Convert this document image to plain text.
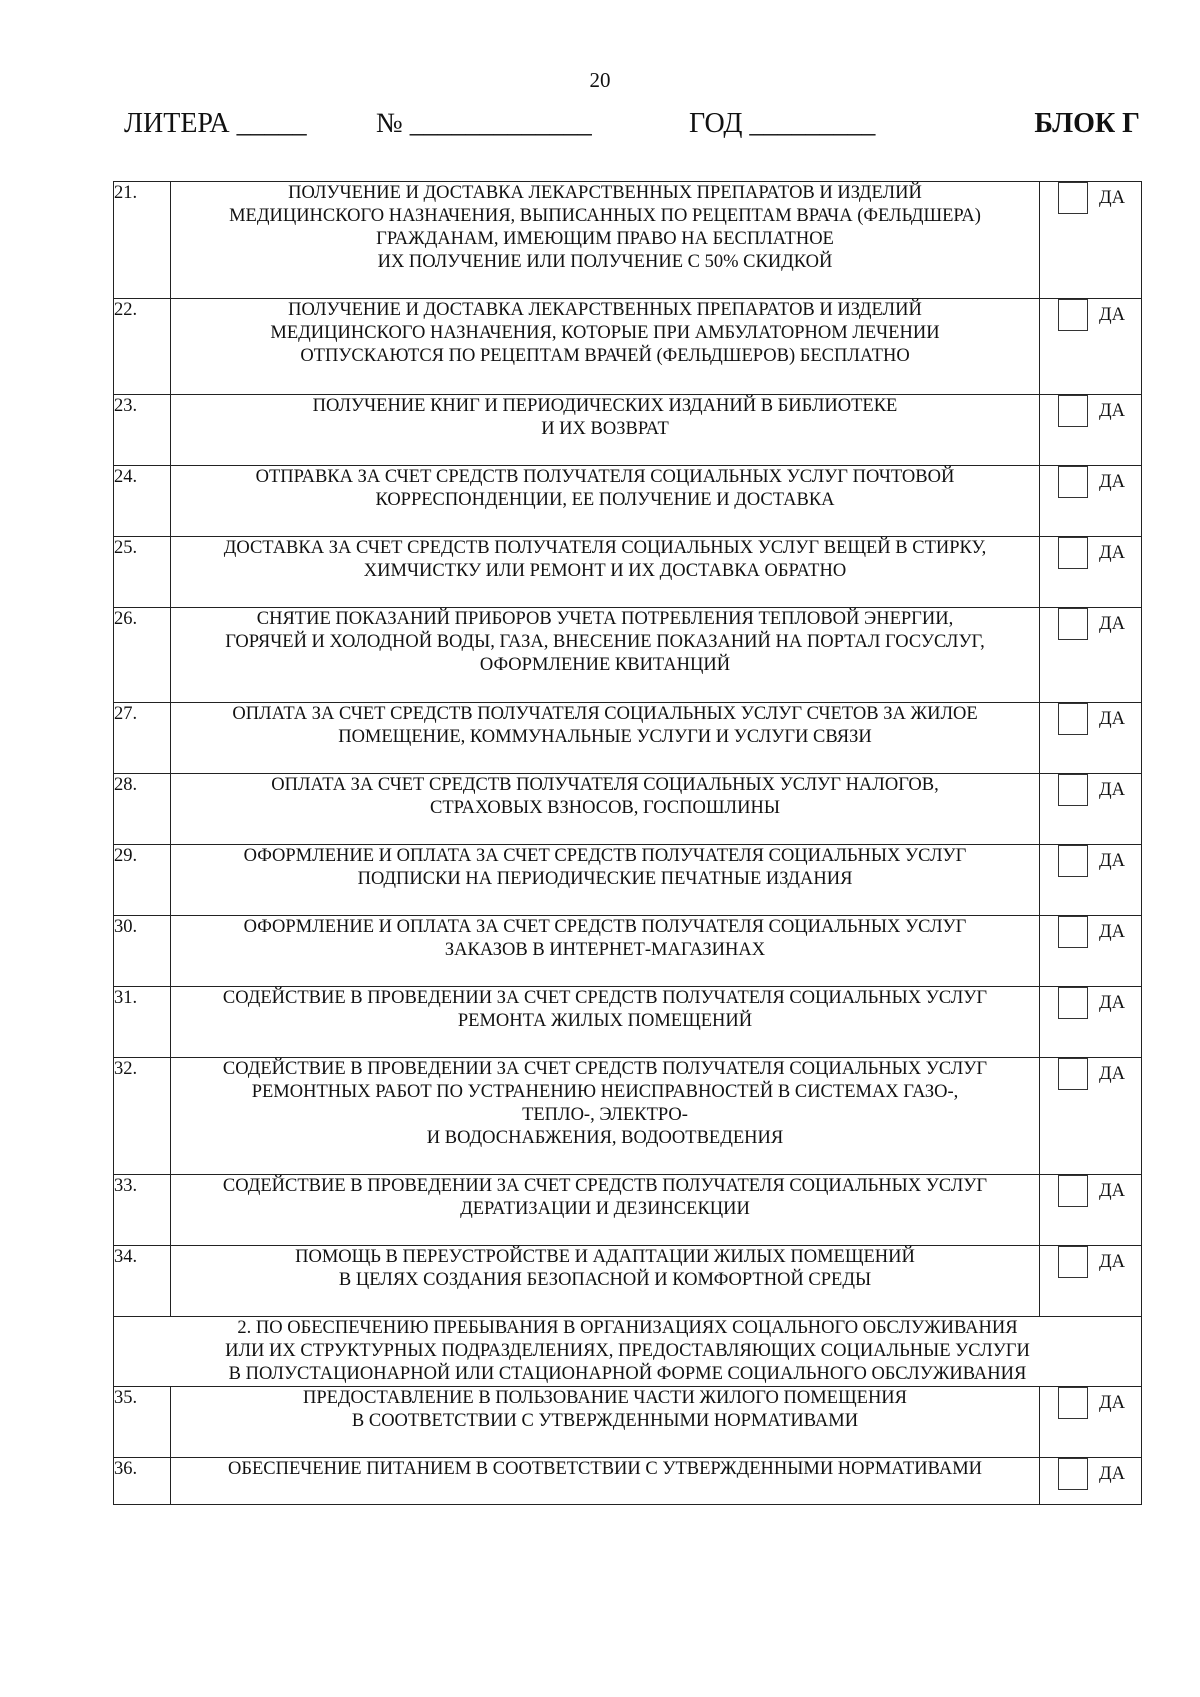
20
ЛИТЕРА _____ № _____________	ГОД _________	БЛОК Г
21.	ПОЛУЧЕНИЕ И ДОСТАВКА ЛЕКАРСТВЕННЫХ ПРЕПАРАТОВ И ИЗДЕЛИЙ
МЕДИЦИНСКОГО НАЗНАЧЕНИЯ, ВЫПИСАННЫХ ПО РЕЦЕПТАМ ВРАЧА (ФЕЛЬДШЕРА)
ГРАЖДАНАМ, ИМЕЮЩИМ ПРАВО НА БЕСПЛАТНОЕ
ИХ ПОЛУЧЕНИЕ ИЛИ ПОЛУЧЕНИЕ С 50% СКИДКОЙ	ДА

22.	ПОЛУЧЕНИЕ И ДОСТАВКА ЛЕКАРСТВЕННЫХ ПРЕПАРАТОВ И ИЗДЕЛИЙ
МЕДИЦИНСКОГО НАЗНАЧЕНИЯ, КОТОРЫЕ ПРИ АМБУЛАТОРНОМ ЛЕЧЕНИИ
ОТПУСКАЮТСЯ ПО РЕЦЕПТАМ ВРАЧЕЙ (ФЕЛЬДШЕРОВ) БЕСПЛАТНО	ДА

23.	ПОЛУЧЕНИЕ КНИГ И ПЕРИОДИЧЕСКИХ ИЗДАНИЙ В БИБЛИОТЕКЕ
И ИХ ВОЗВРАТ	ДА

24.	ОТПРАВКА ЗА СЧЕТ СРЕДСТВ ПОЛУЧАТЕЛЯ СОЦИАЛЬНЫХ УСЛУГ ПОЧТОВОЙ
КОРРЕСПОНДЕНЦИИ, ЕЕ ПОЛУЧЕНИЕ И ДОСТАВКА	ДА

25.	ДОСТАВКА ЗА СЧЕТ СРЕДСТВ ПОЛУЧАТЕЛЯ СОЦИАЛЬНЫХ УСЛУГ ВЕЩЕЙ В СТИРКУ,
ХИМЧИСТКУ ИЛИ РЕМОНТ И ИХ ДОСТАВКА ОБРАТНО	ДА

26.	СНЯТИЕ ПОКАЗАНИЙ ПРИБОРОВ УЧЕТА ПОТРЕБЛЕНИЯ ТЕПЛОВОЙ ЭНЕРГИИ,
ГОРЯЧЕЙ И ХОЛОДНОЙ ВОДЫ, ГАЗА, ВНЕСЕНИЕ ПОКАЗАНИЙ НА ПОРТАЛ ГОСУСЛУГ,
ОФОРМЛЕНИЕ КВИТАНЦИЙ	ДА

27.	ОПЛАТА ЗА СЧЕТ СРЕДСТВ ПОЛУЧАТЕЛЯ СОЦИАЛЬНЫХ УСЛУГ СЧЕТОВ ЗА ЖИЛОЕ
ПОМЕЩЕНИЕ, КОММУНАЛЬНЫЕ УСЛУГИ И УСЛУГИ СВЯЗИ	ДА

28.	ОПЛАТА ЗА СЧЕТ СРЕДСТВ ПОЛУЧАТЕЛЯ СОЦИАЛЬНЫХ УСЛУГ НАЛОГОВ,
СТРАХОВЫХ ВЗНОСОВ, ГОСПОШЛИНЫ	ДА

29.	ОФОРМЛЕНИЕ И ОПЛАТА ЗА СЧЕТ СРЕДСТВ ПОЛУЧАТЕЛЯ СОЦИАЛЬНЫХ УСЛУГ
ПОДПИСКИ НА ПЕРИОДИЧЕСКИЕ ПЕЧАТНЫЕ ИЗДАНИЯ	ДА

30.	ОФОРМЛЕНИЕ И ОПЛАТА ЗА СЧЕТ СРЕДСТВ ПОЛУЧАТЕЛЯ СОЦИАЛЬНЫХ УСЛУГ
ЗАКАЗОВ В ИНТЕРНЕТ-МАГАЗИНАХ	ДА

31.	СОДЕЙСТВИЕ В ПРОВЕДЕНИИ ЗА СЧЕТ СРЕДСТВ ПОЛУЧАТЕЛЯ СОЦИАЛЬНЫХ УСЛУГ
РЕМОНТА ЖИЛЫХ ПОМЕЩЕНИЙ	ДА

32.	СОДЕЙСТВИЕ В ПРОВЕДЕНИИ ЗА СЧЕТ СРЕДСТВ ПОЛУЧАТЕЛЯ СОЦИАЛЬНЫХ УСЛУГ
РЕМОНТНЫХ РАБОТ ПО УСТРАНЕНИЮ НЕИСПРАВНОСТЕЙ В СИСТЕМАХ ГАЗО-,
ТЕПЛО-, ЭЛЕКТРО-
И ВОДОСНАБЖЕНИЯ, ВОДООТВЕДЕНИЯ	ДА

33.	СОДЕЙСТВИЕ В ПРОВЕДЕНИИ ЗА СЧЕТ СРЕДСТВ ПОЛУЧАТЕЛЯ СОЦИАЛЬНЫХ УСЛУГ
ДЕРАТИЗАЦИИ И ДЕЗИНСЕКЦИИ	ДА

34.	ПОМОЩЬ В ПЕРЕУСТРОЙСТВЕ И АДАПТАЦИИ ЖИЛЫХ ПОМЕЩЕНИЙ
В ЦЕЛЯХ СОЗДАНИЯ БЕЗОПАСНОЙ И КОМФОРТНОЙ СРЕДЫ	ДА

2. ПО ОБЕСПЕЧЕНИЮ ПРЕБЫВАНИЯ В ОРГАНИЗАЦИЯХ СОЦАЛЬНОГО ОБСЛУЖИВАНИЯ
ИЛИ ИХ СТРУКТУРНЫХ ПОДРАЗДЕЛЕНИЯХ, ПРЕДОСТАВЛЯЮЩИХ СОЦИАЛЬНЫЕ УСЛУГИ
В ПОЛУСТАЦИОНАРНОЙ ИЛИ СТАЦИОНАРНОЙ ФОРМЕ СОЦИАЛЬНОГО ОБСЛУЖИВАНИЯ		

35.	ПРЕДОСТАВЛЕНИЕ В ПОЛЬЗОВАНИЕ ЧАСТИ ЖИЛОГО ПОМЕЩЕНИЯ
В СООТВЕТСТВИИ С УТВЕРЖДЕННЫМИ НОРМАТИВАМИ	ДА

36.	ОБЕСПЕЧЕНИЕ ПИТАНИЕМ В СООТВЕТСТВИИ С УТВЕРЖДЕННЫМИ НОРМАТИВАМИ	ДА
